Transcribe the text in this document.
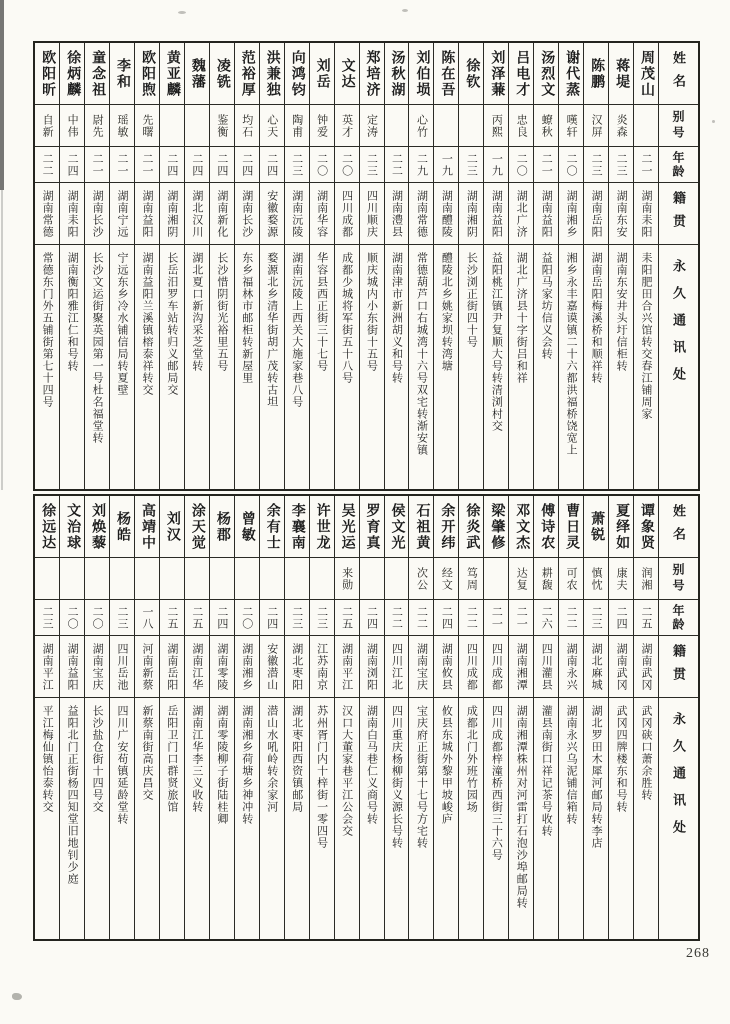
姓名
别号
年龄
籍贯
永久通讯处
周茂山
二一
湖南耒阳
耒阳肥田合兴馆转交春江铺周家
蒋堤
炎森
二三
湖南东安
湖南东安井头圩信柜转
陈鹏
汉屏
二三
湖南岳阳
湖南岳阳梅溪桥和顺祥转
谢代蒸
嘆轩
二〇
湖南湘乡
湘乡永丰嘉谟镇二十六都洪福桥饶宽上
汤烈文
蟟秋
二一
湖南益阳
益阳马家坊信义会转
吕电才
忠良
二〇
湖北广济
湖北广济县十字街吕和祥
刘泽蒹
丙熙
一九
湖南益阳
益阳桃江镇尹复顺大号转清浏村交
徐钦
二三
湖南湘阴
长沙浏正街四十号
陈在吾
一九
湖南醴陵
醴陵北乡姚家坝转湾塘
刘伯埙
心竹
二九
湖南常德
常德葫芦口右城湾十六号双宅转渐安镇
汤秋湖
二二
湖南澧县
湖南津市新洲胡义和号转
郑培济
定涛
二三
四川顺庆
顺庆城内小东街十五号
文达
英才
二〇
四川成都
成都少城将军街五十八号
刘岳
钟爱
二〇
湖南华容
华容县西正街三十七号
向鸿钧
陶甫
二三
湖南沅陵
湖南沅陵上西关大施家巷八号
洪兼独
心天
二四
安徽婺源
婺源北乡清华街胡广茂转古坦
范裕厚
均石
二四
湖南长沙
东乡福林市邮柜转新屋里
凌铣
鉴衡
二四
湖南新化
长沙惜阴街光裕里五号
魏藩
二四
湖北汉川
湖北夏口新沟采芝堂转
黄亚麟
二四
湖南湘阴
长岳汨罗车站转归义邮局交
欧阳煦
先曙
二一
湖南益阳
湖南益阳兰溪镇榕泰祥转交
李和
瑶敏
二一
湖南宁远
宁远东乡冷水铺信局转夏壁
童念祖
尉先
二一
湖南长沙
长沙文运街聚英园第一号杜名福堂转
徐炳麟
中伟
二四
湖南耒阳
湖南衡阳雅江仁和号转
欧阳昕
自新
二二
湖南常德
常德东门外五铺街第七十四号
姓名
别号
年龄
籍贯
永久通讯处
谭象贤
润湘
二五
湖南武冈
武冈硖口萧余胜转
夏绎如
康夫
二四
湖南武冈
武冈四牌楼东和号转
萧锐
慎忱
二三
湖北麻城
湖北罗田木犀河邮局转李店
曹日灵
可农
二二
湖南永兴
湖南永兴乌泥铺信箱转
傅诗农
耕馥
二六
四川灌县
灌县南街口祥记茶号收转
邓文杰
达复
二一
湖南湘潭
湖南湘潭株州对河雷打石泡沙埠邮局转
梁肇修
二一
四川成都
四川成都梓潼桥西街三十六号
徐炎武
笃周
二二
四川成都
成都北门外班竹园场
余开纬
经文
二四
湖南攸县
攸县东城外黎甲坡峻庐
石祖黄
次公
二二
湖南宝庆
宝庆府正街第十七号方宅转
侯文光
二二
四川江北
四川重庆杨柳街义源长号转
罗育真
二四
湖南浏阳
湖南白马巷仁义商号转
吴光运
来勋
二五
湖南平江
汉口大董家巷平江公会交
许世龙
二三
江苏南京
苏州胥门内十梓街一零四号
李襄南
二三
湖北枣阳
湖北枣阳西资镇邮局
余有士
二四
安徽潜山
潜山水吼岭转余家河
曾敏
二〇
湖南湘乡
湖南湘乡荷塘乡神冲转
杨郡
二四
湖南零陵
湖南零陵柳子街陆桂卿
涂天觉
二五
湖南江华
湖南江华李三义收转
刘汉
二五
湖南岳阳
岳阳卫门口群贤旅馆
高靖中
一八
河南新蔡
新蔡南街高庆昌交
杨皓
二三
四川岳池
四川广安苟镇延龄堂转
刘焕藜
二〇
湖南宝庆
长沙盐仓街十四号交
文治球
二〇
湖南益阳
益阳北门正街杨四知堂旧地钊少庭
徐远达
二三
湖南平江
平江梅仙镇怡泰转交
268
